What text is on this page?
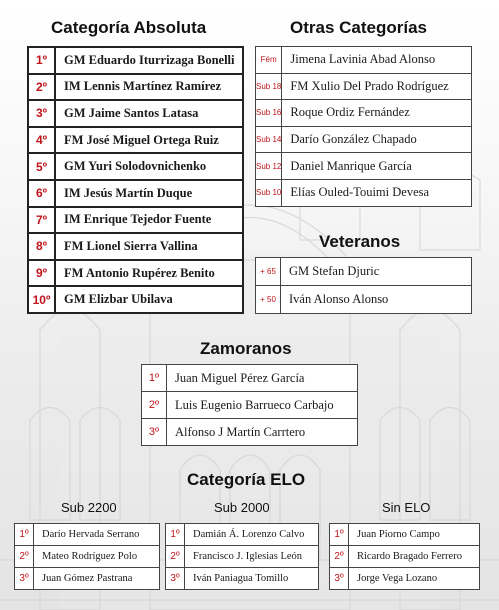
Categoría Absoluta
1º	GM Eduardo Iturrizaga Bonelli
2º	IM Lennis Martínez Ramírez
3º	GM Jaime Santos Latasa
4º	FM José Miguel Ortega Ruiz
5º	GM Yuri Solodovnichenko
6º	IM Jesús Martín Duque
7º	IM Enrique Tejedor Fuente
8º	FM Lionel Sierra Vallina
9º	FM Antonio Rupérez Benito
10º	GM Elizbar Ubilava
Otras Categorías
Fém	Jimena Lavinia Abad Alonso
Sub 18	FM Xulio Del Prado Rodríguez
Sub 16	Roque Ordiz Fernández
Sub 14	Darío González Chapado
Sub 12	Daniel Manrique García
Sub 10	Elías Ouled-Touimi Devesa
Veteranos
+ 65	GM Stefan Djuric
+ 50	Iván Alonso Alonso
Zamoranos
1º	Juan Miguel Pérez García
2º	Luis Eugenio Barrueco Carbajo
3º	Alfonso J Martín Carrtero
Categoría ELO
Sub 2200	Sub 2000	Sin ELO
1º	Darío Hervada Serrano
2º	Mateo Rodríguez Polo
3º	Juan Gómez Pastrana
1º	Damián Á. Lorenzo Calvo
2º	Francisco J. Iglesias León
3º	Iván Paniagua Tomillo
1º	Juan Piorno Campo
2º	Ricardo Bragado Ferrero
3º	Jorge Vega Lozano
